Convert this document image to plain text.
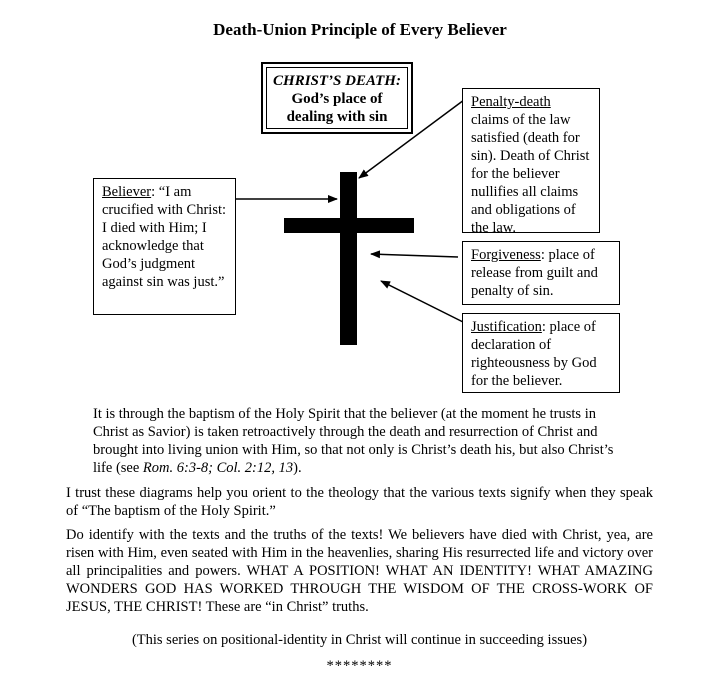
Death-Union Principle of Every Believer
CHRIST’S DEATH:
God’s place of
dealing with sin
Believer: “I am crucified with Christ: I died with Him; I acknowledge that God’s judgment against sin was just.”
Penalty-death claims of the law satisfied (death for sin). Death of Christ for the believer nullifies all claims and obligations of the law.
Forgiveness: place of release from guilt and penalty of sin.
Justification: place of declaration of righteousness by God for the believer.
It is through the baptism of the Holy Spirit that the believer (at the moment he trusts in Christ as Savior) is taken retroactively through the death and resurrection of Christ and brought into living union with Him, so that not only is Christ’s death his, but also Christ’s life (see Rom. 6:3-8; Col. 2:12, 13).
I trust these diagrams help you orient to the theology that the various texts signify when they speak of “The baptism of the Holy Spirit.”
Do identify with the texts and the truths of the texts! We believers have died with Christ, yea, are risen with Him, even seated with Him in the heavenlies, sharing His resurrected life and victory over all principalities and powers. WHAT A POSITION! WHAT AN IDENTITY! WHAT AMAZING WONDERS GOD HAS WORKED THROUGH THE WISDOM OF THE CROSS-WORK OF JESUS, THE CHRIST! These are “in Christ” truths.
(This series on positional-identity in Christ will continue in succeeding issues)
********
